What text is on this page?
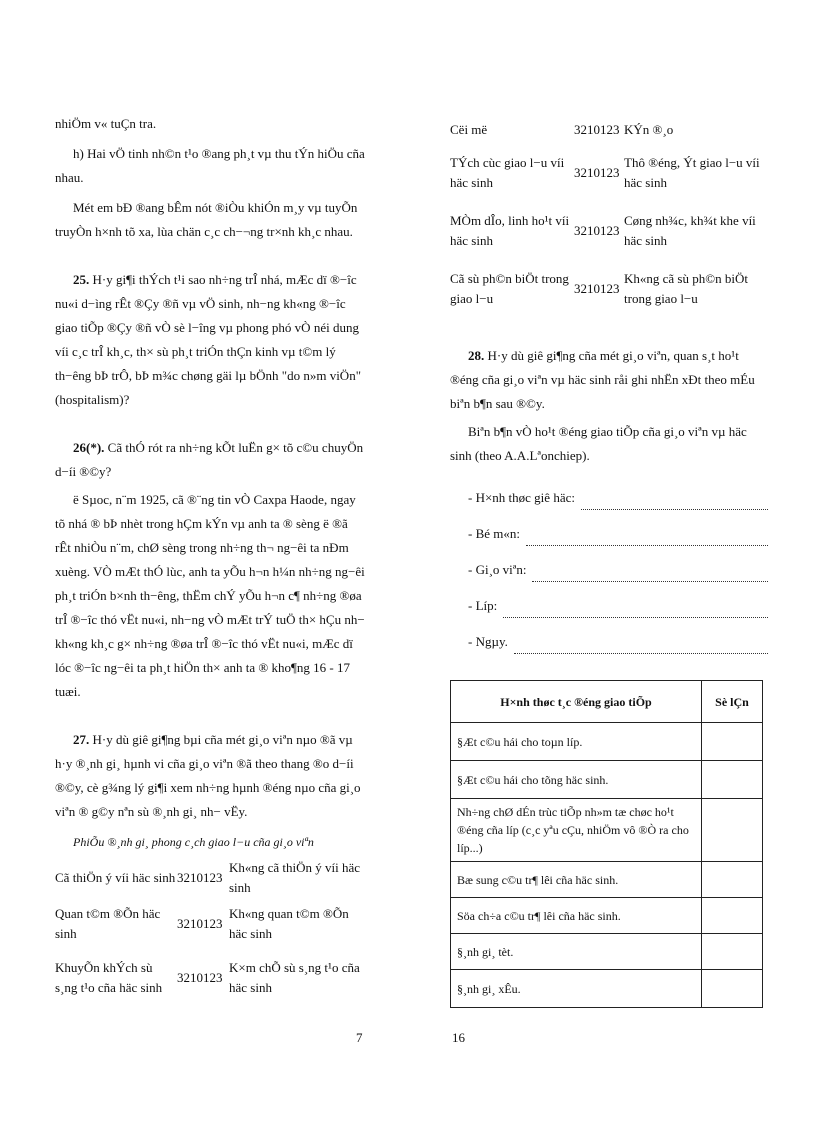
nhiÖm v« tuÇn tra.

h) Hai vÖ tinh nh©n t¹o ®ang ph¸t vµ thu tÝn hiÖu cña nhau.

Mét em bÐ ®ang bÊm nót ®iÒu khiÓn m¸y vµ tuyÕn truyÒn h×nh tõ xa, lùa chän c¸c ch−¬ng tr×nh kh¸c nhau.

25. H·y gi¶i thÝch t¹i sao nh÷ng trÎ nhá, mÆc dï ®−îc nu«i d−ìng rÊt ®Çy ®ñ vµ vÖ sinh, nh−ng kh«ng ®−îc giao tiÕp ®Çy ®ñ vÒ sè l−îng vµ phong phó vÒ néi dung víi c¸c trÎ kh¸c, th× sù ph¸t triÓn thÇn kinh vµ t©m lý th−êng bÞ trÔ, bÞ m¾c chøng gäi lµ bÖnh "do n»m viÖn" (hospitalism)?

26(*). Cã thÓ rót ra nh÷ng kÕt luËn g× tõ c©u chuyÖn d−íi ®©y?

ë Sµoc, n¨m 1925, cã ®¨ng tin vÒ Caxpa Haode, ngay tõ nhá ® bÞ nhèt trong hÇm kÝn vµ anh ta ® sèng ë ®ã rÊt nhiÒu n¨m, chØ sèng trong nh÷ng th¬ ng−êi ta nÐm xuèng. VÒ mÆt thÓ lùc, anh ta yÕu h¬n h¼n nh÷ng ng−êi ph¸t triÓn b×nh th−êng, thËm chÝ yÕu h¬n c¶ nh÷ng ®øa trÎ ®−îc thó vËt nu«i, nh−ng vÒ mÆt trÝ tuÖ th× hÇu nh− kh«ng kh¸c g× nh÷ng ®øa trÎ ®−îc thó vËt nu«i, mÆc dï lóc ®−îc ng−êi ta ph¸t hiÖn th× anh ta ® kho¶ng 16 - 17 tuæi.

27. H·y dù giê gi¶ng bµi cña mét gi¸o viªn nµo ®ã vµ h·y ®¸nh gi¸ hµnh vi cña gi¸o viªn ®ã theo thang ®o d−íi ®©y, cè g¾ng lý gi¶i xem nh÷ng hµnh ®éng nµo cña gi¸o viªn ® g©y nªn sù ®¸nh gi¸ nh− vËy.

PhiÕu ®¸nh gi¸ phong c¸ch giao l−u cña gi¸o viªn

Cã thiÖn ý víi häc sinh	3210123	Kh«ng cã thiÖn ý víi häc sinh
Quan t©m ®Õn häc sinh	3210123	Kh«ng quan t©m ®Õn häc sinh
KhuyÕn khÝch sù s¸ng t¹o cña häc sinh	3210123	K×m chÕ sù s¸ng t¹o cña häc sinh
7
Cëi më	3210123	KÝn ®¸o
TÝch cùc giao l−u víi häc sinh	3210123	Thô ®éng, Ýt giao l−u víi häc sinh
MÒm dÎo, linh ho¹t víi häc sinh	3210123	Cøng nh¾c, kh¾t khe víi häc sinh
Cã sù ph©n biÖt trong giao l−u	3210123	Kh«ng cã sù ph©n biÖt trong giao l−u

28. H·y dù giê gi¶ng cña mét gi¸o viªn, quan s¸t ho¹t ®éng cña gi¸o viªn vµ häc sinh råi ghi nhËn xÐt theo mÉu biªn b¶n sau ®©y.

Biªn b¶n vÒ ho¹t ®éng giao tiÕp cña gi¸o viªn vµ häc sinh (theo A.A.Lªonchiep).

- H×nh thøc giê häc:
- Bé m«n:
- Gi¸o viªn:
- Líp:
- Ngµy.
H×nh thøc t¸c ®éng giao tiÕp	Sè lÇn
§Æt c©u hái cho toµn líp.	
§Æt c©u hái cho tõng häc sinh.	
Nh÷ng chØ dÉn trùc tiÕp nh»m tæ chøc ho¹t ®éng cña líp (c¸c yªu cÇu, nhiÖm vô ®Ò ra cho líp...)	
Bæ sung c©u tr¶ lêi cña häc sinh.	
Söa ch÷a c©u tr¶ lêi cña häc sinh.	
§¸nh gi¸ tèt.	
§¸nh gi¸ xÊu.	
16
